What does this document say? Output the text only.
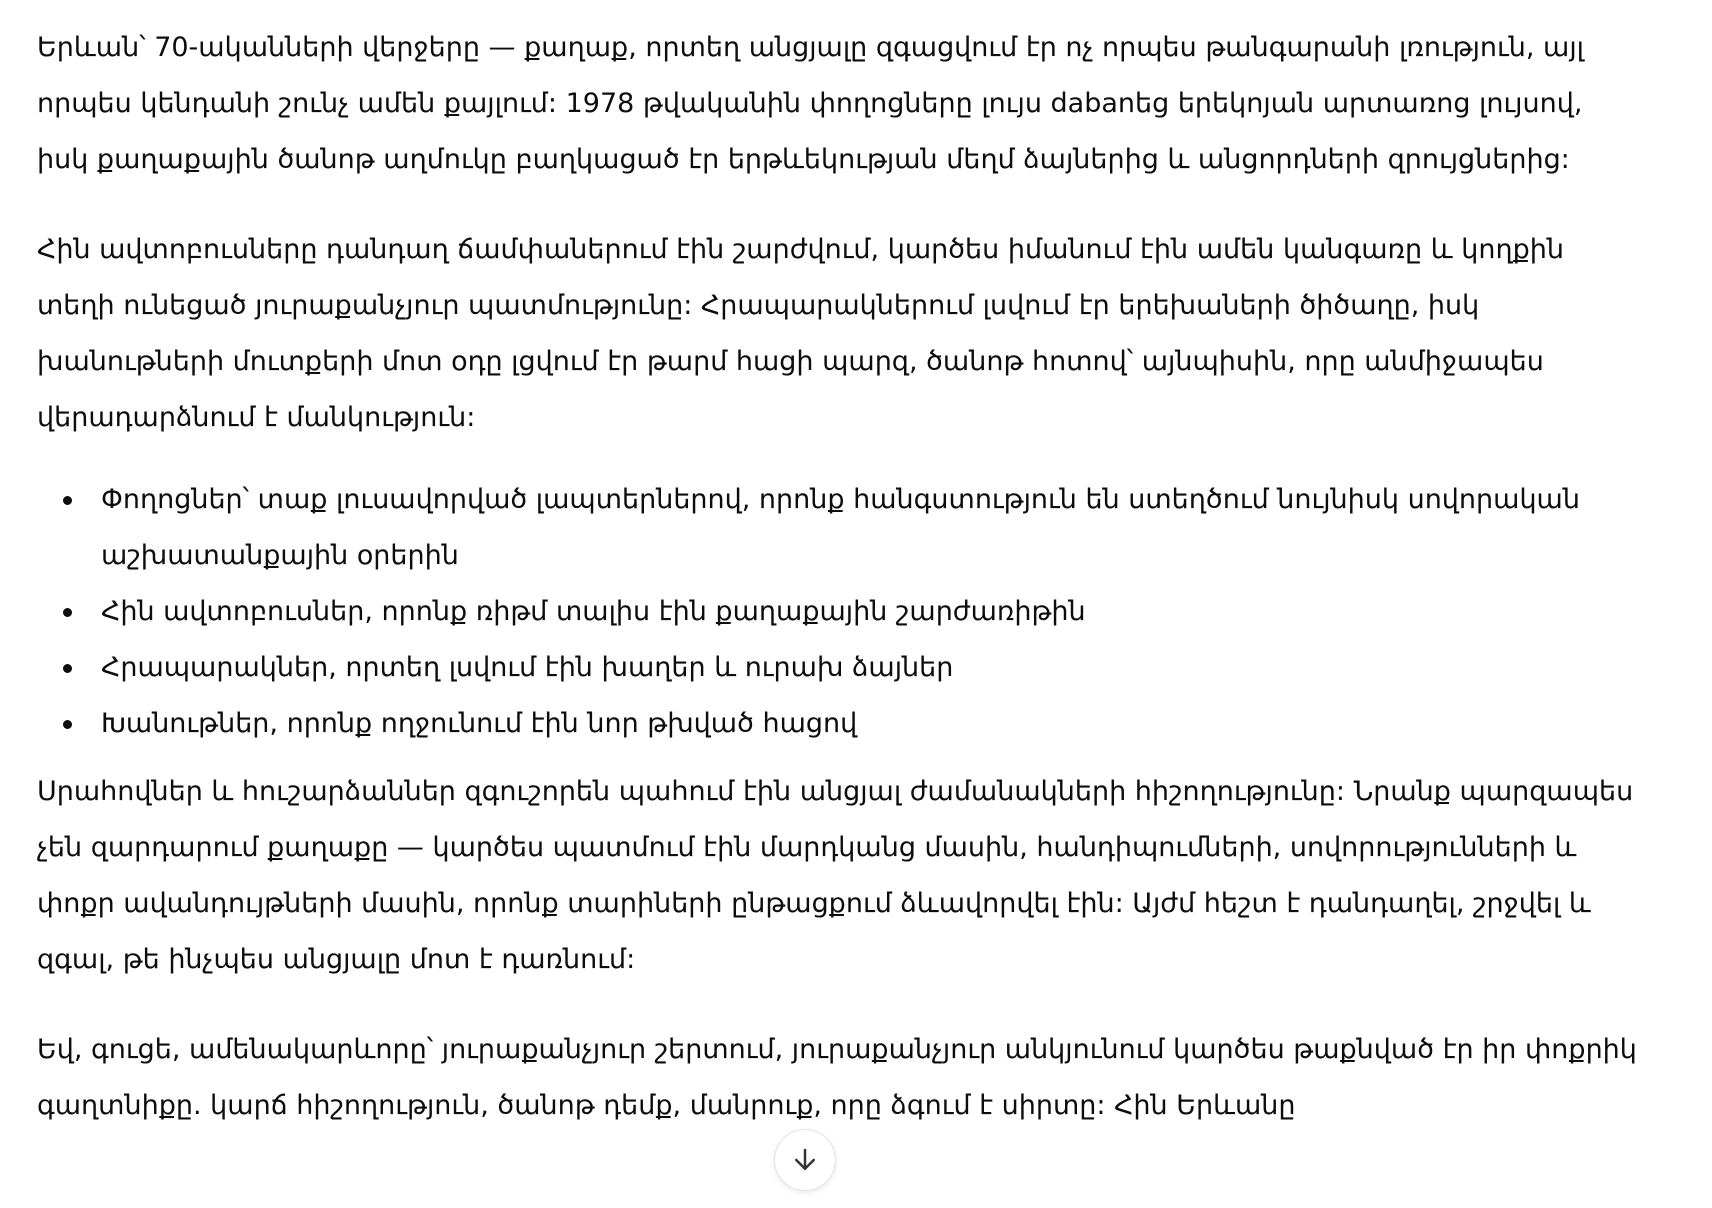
Երևան՝ 70-ականների վերջերը — քաղաք, որտեղ անցյալը զգացվում էր ոչ որպես թանգարանի լռություն, այլ որպես կենդանի շունչ ամեն քայլում: 1978 թվականին փողոցները լույս dabanեց երեկոյան արտառոց լույսով, իսկ քաղաքային ծանոթ աղմուկը բաղկացած էր երթևեկության մեղմ ձայներից և անցորդների զրույցներից:

Հին ավտոբուսները դանդաղ ճամփաներում էին շարժվում, կարծես իմանում էին ամեն կանգառը և կողքին տեղի ունեցած յուրաքանչյուր պատմությունը: Հրապարակներում լսվում էր երեխաների ծիծաղը, իսկ խանութների մուտքերի մոտ օդը լցվում էր թարմ հացի պարզ, ծանոթ հոտով՝ այնպիսին, որը անմիջապես վերադարձնում է մանկություն:

Փողոցներ՝ տաք լուսավորված լապտերներով, որոնք հանգստություն են ստեղծում նույնիսկ սովորական աշխատանքային օրերին
Հին ավտոբուսներ, որոնք ռիթմ տալիս էին քաղաքային շարժառիթին
Հրապարակներ, որտեղ լսվում էին խաղեր և ուրախ ձայներ
Խանութներ, որոնք ողջունում էին նոր թխված հացով

Սրահովներ և հուշարձաններ զգուշորեն պահում էին անցյալ ժամանակների հիշողությունը: Նրանք պարզապես չեն զարդարում քաղաքը — կարծես պատմում էին մարդկանց մասին, հանդիպումների, սովորությունների և փոքր ավանդույթների մասին, որոնք տարիների ընթացքում ձևավորվել էին: Այժմ հեշտ է դանդաղել, շրջվել և զգալ, թե ինչպես անցյալը մոտ է դառնում:

Եվ, գուցե, ամենակարևորը՝ յուրաքանչյուր շերտում, յուրաքանչյուր անկյունում կարծես թաքնված էր իր փոքրիկ գաղտնիքը. կարճ հիշողություն, ծանոթ դեմք, մանրուք, որը ձգում է սիրտը: Հին Երևանը
